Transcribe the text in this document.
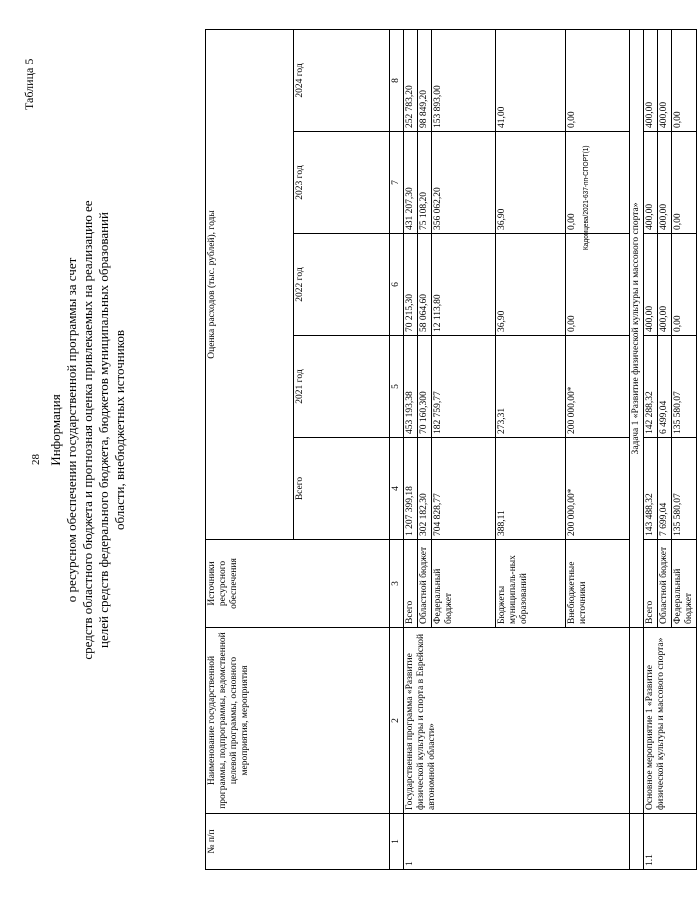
28
Таблица 5
Информация о ресурсном обеспечении государственной программы за счет средств областного бюджета и прогнозная оценка привлекаемых на реализацию ее целей средств федерального бюджета, бюджетов муниципальных образований области, внебюджетных источников
№ п/п	Наименование государственной программы, подпрограммы, ведомственной целевой программы, основного мероприятия, мероприятия	Источники ресурсного обеспечения	Оценка расходов (тыс. рублей), годы				
			Всего	2021 год	2022 год	2023 год	2024 год
1	2	3	4	5	6	7	8
1	Государственная программа «Развитие физической культуры и спорта в Еврейской автономной области»	Всего	1 207 399,18	453 193,38	70 215,30	431 207,30	252 783,20
		Областной бюджет	302 182,30	70 160,300	58 064,60	75 108,20	98 849,20
		Федеральный бюджет	704 828,77	182 759,77	12 113,80	356 062,20	153 893,00
		Бюджеты муниципаль-ных образований	388,11	273,31	36,90	36,90	41,00
		Внебюджетные источники	200 000,00*	200 000,00*	0,00	0,00	0,00
		Задача 1 «Развитие физической культуры и массового спорта»					
1.1	Основное мероприятие 1 «Развитие физической культуры и массового спорта»	Всего	143 488,32	142 288,32	400,00	400,00	400,00
		Областной бюджет	7 699,04	6 499,04	400,00	400,00	400,00
		Федеральный бюджет	135 580,07	135 580,07	0,00	0,00	0,00
Кадомцева/2021-637-пп-СПОРТ(1)
